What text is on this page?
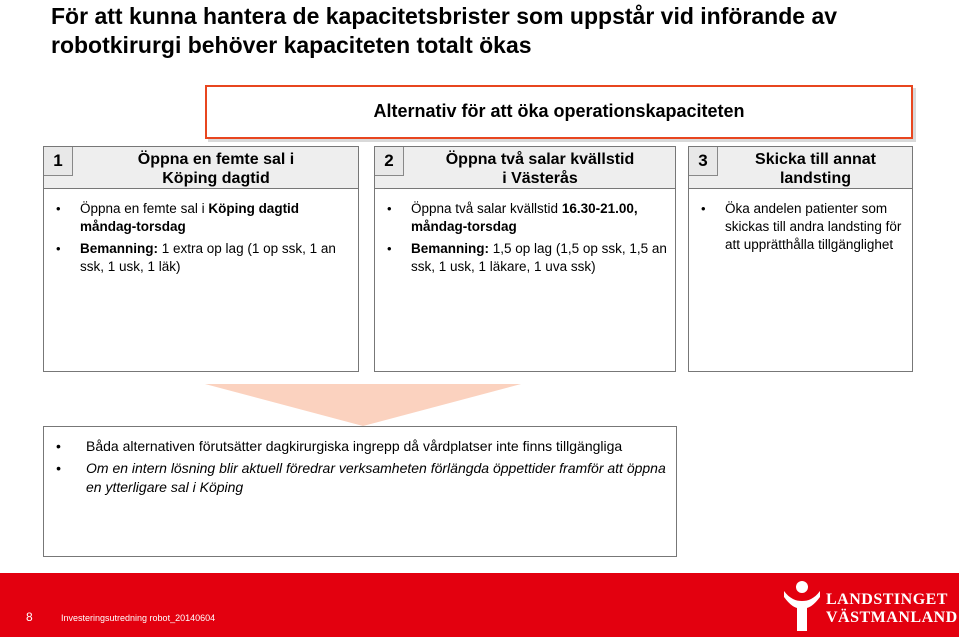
För att kunna hantera de kapacitetsbrister som uppstår vid införande av robotkirurgi behöver kapaciteten totalt ökas
Alternativ för att öka operationskapaciteten
1	Öppna en femte sal i Köping dagtid
• Öppna en femte sal i Köping dagtid måndag-torsdag
• Bemanning: 1 extra op lag (1 op ssk, 1 an ssk, 1 usk, 1 läk)
2	Öppna två salar kvällstid i Västerås
• Öppna två salar kvällstid 16.30-21.00, måndag-torsdag
• Bemanning: 1,5 op lag (1,5 op ssk, 1,5 an ssk, 1 usk, 1 läkare, 1 uva ssk)
3	Skicka till annat landsting
• Öka andelen patienter som skickas till andra landsting för att upprätthålla tillgänglighet
• Båda alternativen förutsätter dagkirurgiska ingrepp då vårdplatser inte finns tillgängliga
• Om en intern lösning blir aktuell föredrar verksamheten förlängda öppettider framför att öppna en ytterligare sal i Köping
8	Investeringsutredning robot_20140604
LANDSTINGET
VÄSTMANLAND
